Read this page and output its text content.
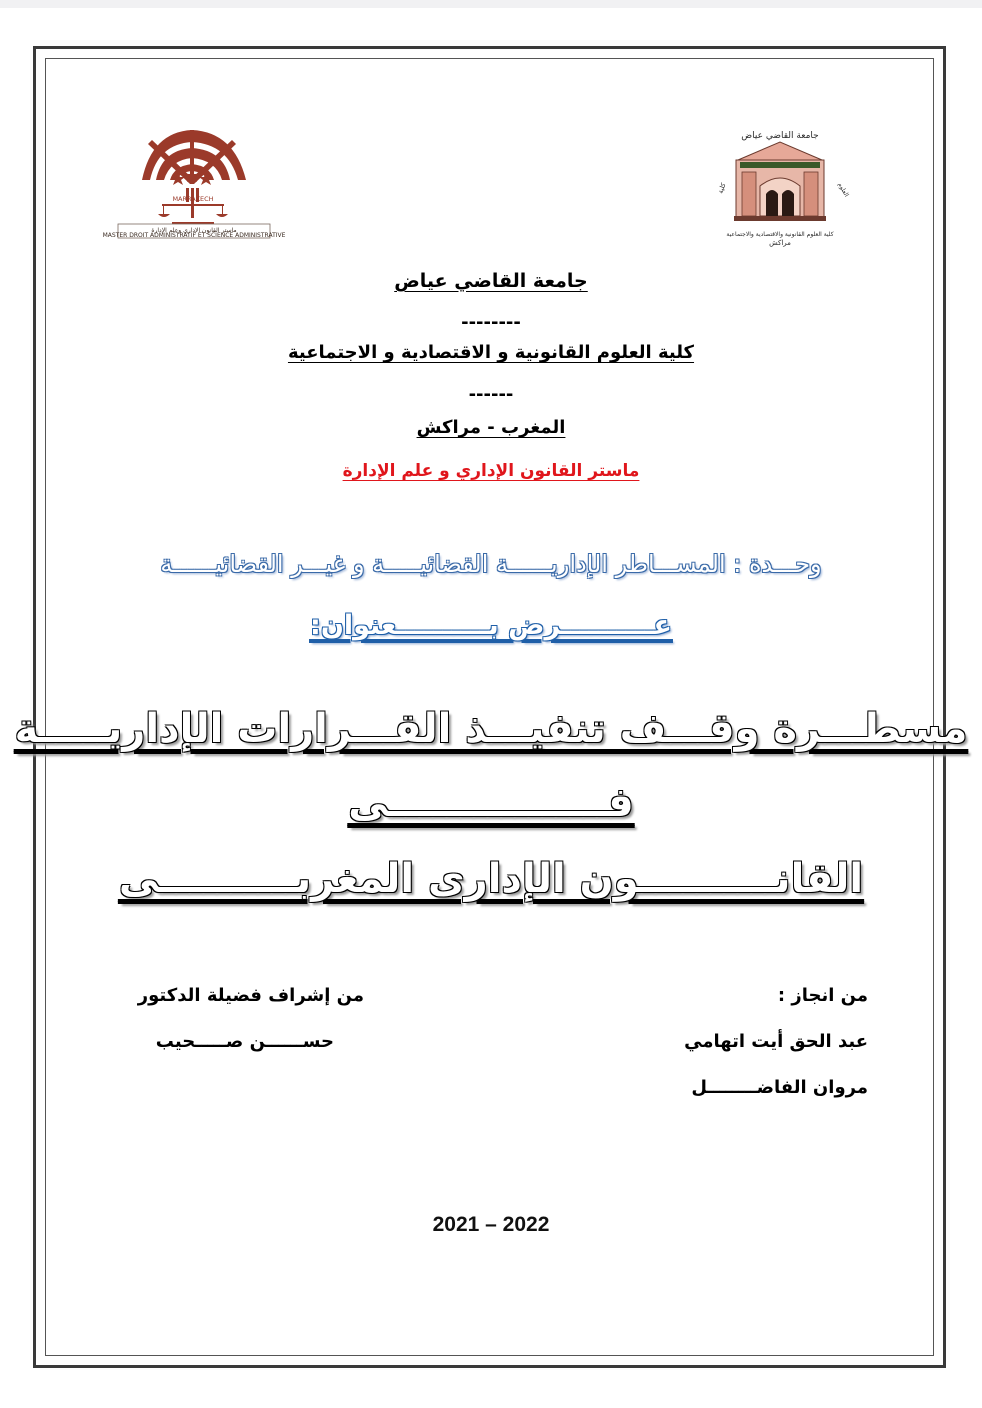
MARRAKECH
ماستر القانون الإداري وعلم الإدارة
MASTER DROIT ADMINISTRATIF ET SCIENCE ADMINISTRATIVE
جامعة القاضي عياض
كلية	العلوم
كلية العلوم القانونية والاقتصادية والاجتماعية
مراكش
جامعة القاضي عياض
--------
كلية العلوم القانونية و الاقتصادية و الاجتماعية
------
المغرب - مراكش
ماستر القانون الإداري و علم الإدارة
وحـــدة : المســـاطر الإداريــــــة القضائيـــــة و غيـــر القضائيــــــة
عــــــــــرض بــــــــــعنوان:
مسطـــرة وقـــف تنفيـــذ القـــرارات الإداريـــــة
فــــــــــــــــى
القانــــــــــون الإدارى المغربــــــــــى
من انجاز :
عبد الحق أيت اتهامي
مروان الفاضــــــــل
من إشراف فضيلة الدكتور
حســــــن صـــــحيب
2021 – 2022
